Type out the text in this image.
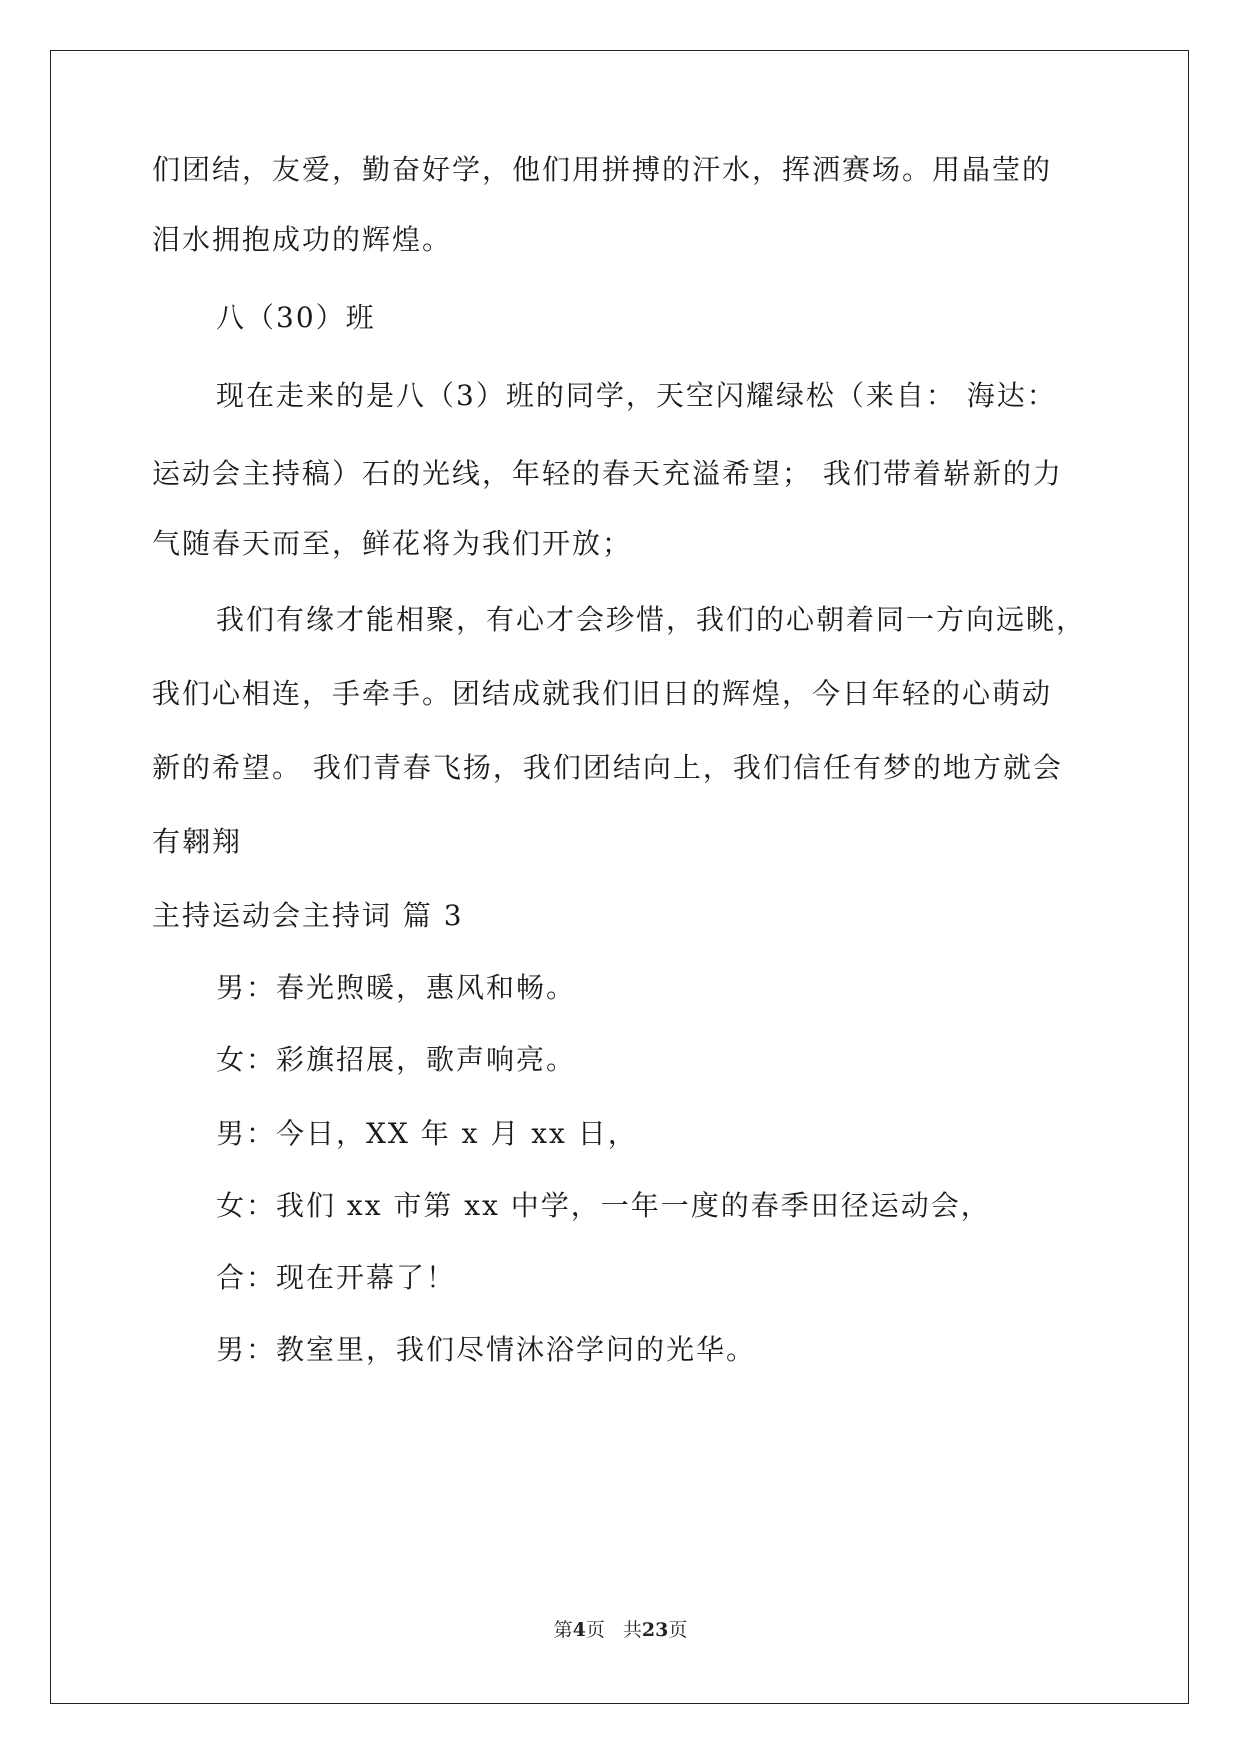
们团结，友爱，勤奋好学，他们用拼搏的汗水，挥洒赛场。用晶莹的
泪水拥抱成功的辉煌。
八（30）班
现在走来的是八（3）班的同学，天空闪耀绿松（来自： 海达：
运动会主持稿）石的光线，年轻的春天充溢希望； 我们带着崭新的力
气随春天而至，鲜花将为我们开放；
我们有缘才能相聚，有心才会珍惜，我们的心朝着同一方向远眺，
我们心相连，手牵手。团结成就我们旧日的辉煌，今日年轻的心萌动
新的希望。 我们青春飞扬，我们团结向上，我们信任有梦的地方就会
有翱翔
主持运动会主持词 篇 3
男：春光煦暖，惠风和畅。
女：彩旗招展，歌声响亮。
男：今日，XX 年 x 月 xx 日，
女：我们 xx 市第 xx 中学，一年一度的春季田径运动会，
合：现在开幕了！
男：教室里，我们尽情沐浴学问的光华。
第4页 共23页
